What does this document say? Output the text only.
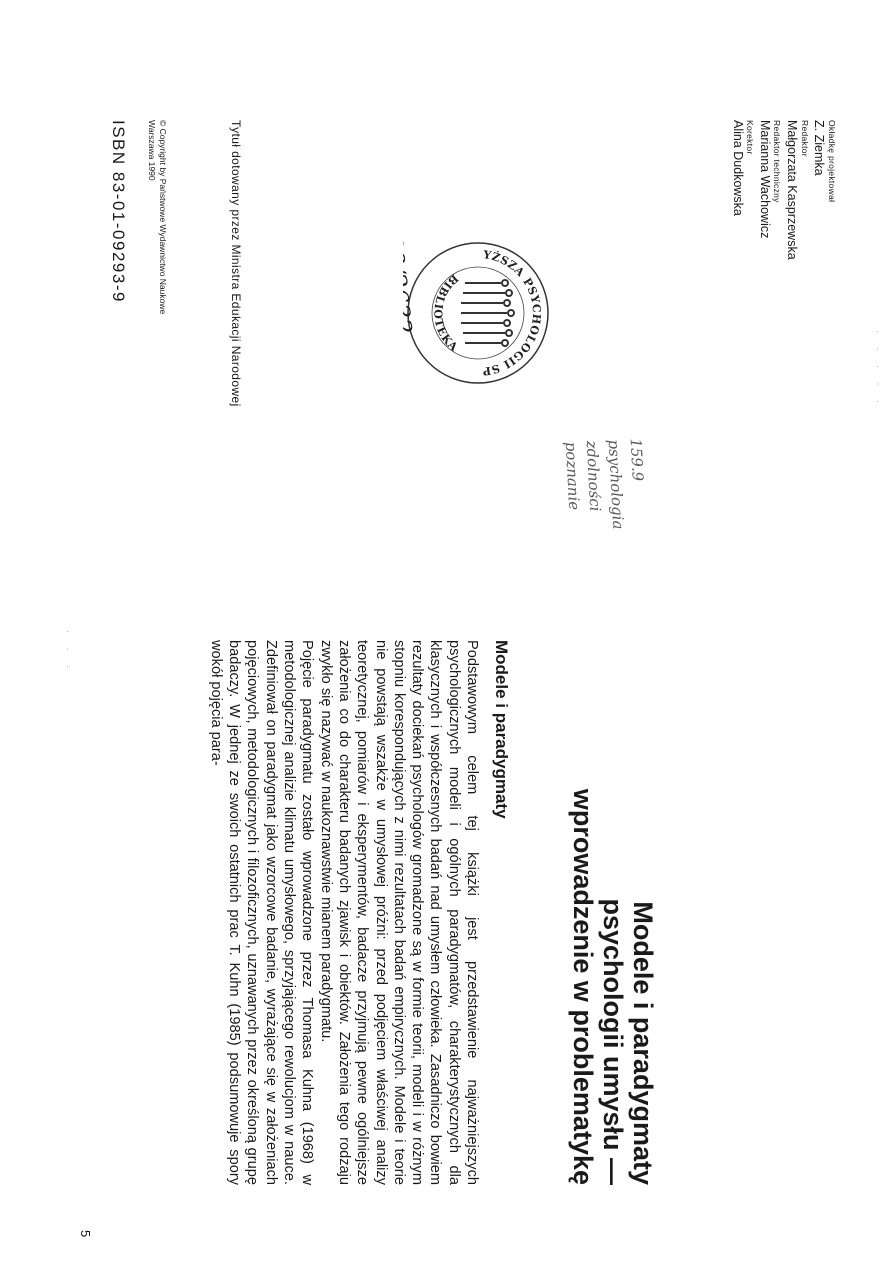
Okładkę projektował
Z. Ziemka
Redaktor
Małgorzata Kasprzewska
Redaktor techniczny
Marianna Wachowicz
Korektor
Alina Dudkowska
Tytuł dotowany przez Ministra Edukacji Narodowej
© Copyright by Państwowe Wydawnictwo Naukowe
Warszawa 1990
ISBN 83-01-09293-9	YŻSZA PSYCHOLOGII SP
BIBLIOTEKA
98/2632
159.9
psychologia
zdolności
poznanie
Modele i paradygmaty
psychologii umysłu —
wprowadzenie w problematykę
Modele i paradygmaty

Podstawowym celem tej książki jest przedstawienie najważniejszych psychologicznych modeli i ogólnych paradygmatów, charakterystycznych dla klasycznych i współczesnych badań nad umysłem człowieka. Zasadniczo bowiem rezultaty dociekań psychologów gromadzone są w formie teorii, modeli i w różnym stopniu korespondujących z nimi rezultatach badań empirycznych. Modele i teorie nie powstają wszakże w umysłowej próżni: przed podjęciem właściwej analizy teoretycznej, pomiarów i eksperymentów, badacze przyjmują pewne ogólniejsze założenia co do charakteru badanych zjawisk i obiektów. Założenia tego rodzaju zwykło się nazywać w naukoznawstwie mianem paradygmatu.

Pojęcie paradygmatu zostało wprowadzone przez Thomasa Kuhna (1968) w metodologicznej analizie klimatu umysłowego, sprzyjającego rewolucjom w nauce. Zdefiniował on paradygmat jako wzorcowe badanie, wyrażające się w założeniach pojęciowych, metodologicznych i filozoficznych, uznawanych przez określoną grupę badaczy. W jednej ze swoich ostatnich prac T. Kuhn (1985) podsumowuje spory wokół pojęcia para-

5
· · · · ·
· · ·
